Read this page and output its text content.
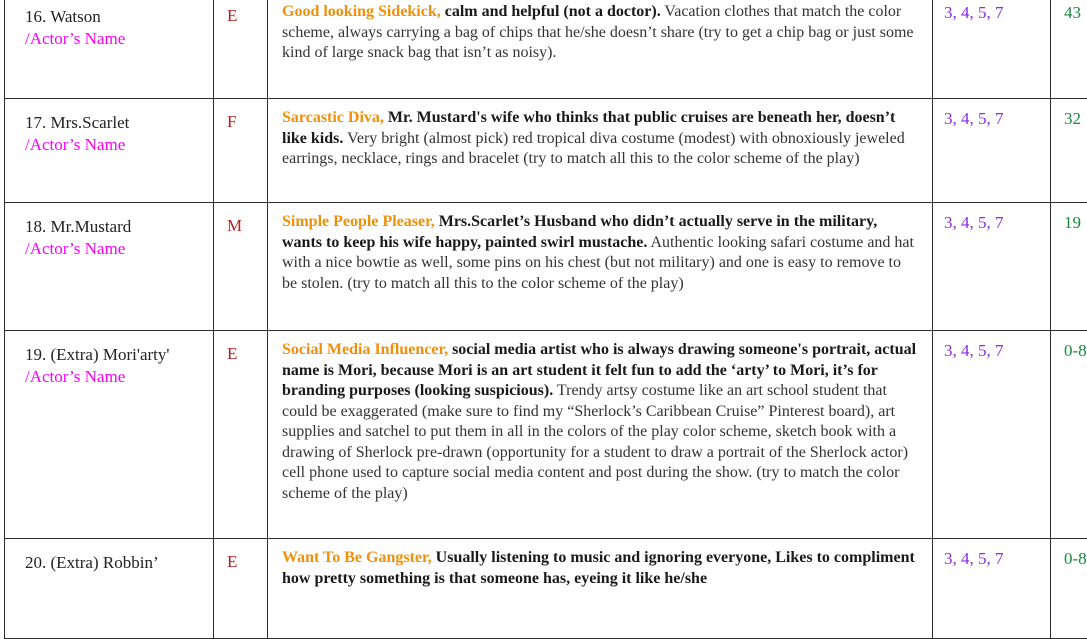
16. Watson
/Actor’s Name	E	Good looking Sidekick, calm and helpful (not a doctor). Vacation clothes that match the color scheme, always carrying a bag of chips that he/she doesn’t share (try to get a chip bag or just some kind of large snack bag that isn’t as noisy).	3, 4, 5, 7	43

17. Mrs.Scarlet
/Actor’s Name	F	Sarcastic Diva, Mr. Mustard's wife who thinks that public cruises are beneath her, doesn’t like kids. Very bright (almost pick) red tropical diva costume (modest) with obnoxiously jeweled earrings, necklace, rings and bracelet (try to match all this to the color scheme of the play)	3, 4, 5, 7	32

18. Mr.Mustard
/Actor’s Name	M	Simple People Pleaser, Mrs.Scarlet’s Husband who didn’t actually serve in the military, wants to keep his wife happy, painted swirl mustache. Authentic looking safari costume and hat with a nice bowtie as well, some pins on his chest (but not military) and one is easy to remove to be stolen. (try to match all this to the color scheme of the play)	3, 4, 5, 7	19

19. (Extra) Mori'arty'
/Actor’s Name	E	Social Media Influencer, social media artist who is always drawing someone's portrait, actual name is Mori, because Mori is an art student it felt fun to add the ‘arty’ to Mori, it’s for branding purposes (looking suspicious). Trendy artsy costume like an art school student that could be exaggerated (make sure to find my “Sherlock’s Caribbean Cruise” Pinterest board), art supplies and satchel to put them in all in the colors of the play color scheme, sketch book with a drawing of Sherlock pre-drawn (opportunity for a student to draw a portrait of the Sherlock actor) cell phone used to capture social media content and post during the show. (try to match the color scheme of the play)	3, 4, 5, 7	0-8

20. (Extra) Robbin’	E	Want To Be Gangster, Usually listening to music and ignoring everyone, Likes to compliment how pretty something is that someone has, eyeing it like he/she	3, 4, 5, 7	0-8
